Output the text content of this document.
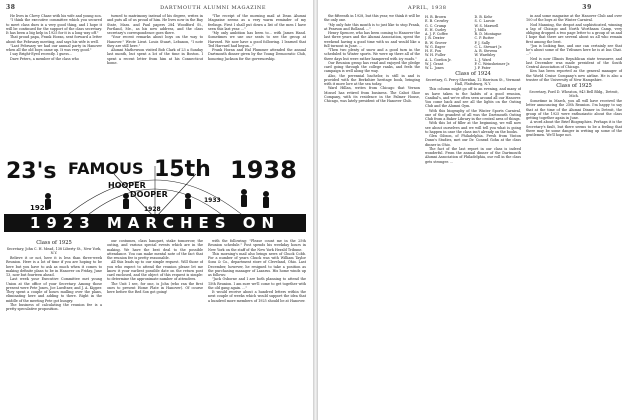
38	DARTMOUTH ALUMNI MAGAZINE

He lives in Chevy Chase with his wife and young son.

"I think the executive committee which you secured to meet class dues is a very good thing, and I hope it will be continued for the support of the class secretary. It has been a big help in 1925 for it is a long way off."

That proud papa, Frank Horan, sent forward a letter about the February meeting, and says his wife is well.

"Last February we had our annual party in Hanover when all the old boys came up. It was very good."

I say Bright-Eyed recently. I guess...

Dave Peters, a member of the class who

turned to matrimony instead of his degree, writes in and puts all of us proud of him. He lives now in the Bay State, Mass. and Paul papers 284 Woodford St., Portland, Me., as his new address, and the class secretary's correspondence goes there.

"Your recent remarks about boys on the way to Hanover." Wrote Lieut. Louis Stuart, Lebanon, "I note they are still here."

Alumni Mathewson visited Bob Clark of 23 a Sunday last month, but spent a lot of the time in Boston. I spent a recent letter from him at his Connecticut home.

"The receipt of the morning mail at Dean Alumni Magazine seems as a very warm reminder of my feelings. First I shall put down a list of the men I have seen this last year. ..."

"My only ambition has been to... with James Hand. Sometimes we use our seats to see the group at Harvard. We now have a good following. I learned that Ted Harvard had begun..."

Frank Horan and Hal Plummer attended the annual Dartmouth dinner given by the Young Democratic Club, honoring Jackson for the governorship.

23's FAMOUS 15th 1938
HOOPER
DOOPER
1923	1928
1933
1923 MARCHES ON
Class of 1925

Secretary, John C. H. Mead, 138 Liberty St., New York, N.Y.

Believe it or not, here it is less than three-week Reunion. Here is a lot of time if you are hoping to be here but you have to ask as much when it comes to making definite plans to be in Hanover on Friday, June 13, now but fourteen ahead.

Last week your Executive Committee met young Union at the office of your Secretary. Among those present were Pete Jones, Joe Luedtner, and J. A. Kipper. They spent a couple of hours mulling over the plans, eliminating here and adding to there. Right in the middle of the meeting Pete got hungry.

The business of calculating the reunion fee is a pretty speculative proposition.

our costumes, class banquet, stake tomorrow, the outing, and various special events which are in the making. We have the best deal to the possible attendance. You can make mental note of the fact that the reunion fee is pretty reasonable.

All this leads up to our simple request. Will those of you who expect to attend the reunion please let me know it your earliest possible date on the return post card enclosed, and the object of this request is simple: to determine the approximate number of attendees.

The Unit I see, for one, is John (who ran the first ones to present Home Plate in Hanover). Of course here before the Red Sox got going!

with the following: "Please count me in the 25th Reunion schedule." Post spends his weekday hours in New York on the staff of the New York Herald Tribune.

This morning's mail also brings news of Chuck Cobb. For a number of years Chuck was with William Taylor Sons & Co., department store of Cleveland, Ohio. Last December, however, he resigned to take a position as the purchasing manager of Lazarus. His home winds up as follows:

"Jack Osborne and I are both planning to attend the 15th Reunion. I am sure we'll come to get together with the old gang again. ..."

It would receive about a hundred letters within the next couple of weeks which would support the idea that a hundred more members of 1925 should be at Hanover.

APRIL, 1938	39

the fifteenth in 1928, but this year, we think it will be the only one.

"My only fate this month is to just like to stop Frank, at Pearson and Rolland. ..."

Henry Spencer, who has been coming to Hanover the last three years and the Alumni Association, spent the weekend having a good time with us and would like a full turnout in June. ...

"Then two plenty of snow and a good turn in the scheduled to Winter sports. We were up there all of the three days but were rather hampered with icy roads."

Our Reunion group has read and enjoyed the pledge card going through the college ranks, and feels the campaign is well along the way.

Also, the perennial bachelor, is still in and is provided with the Berkshire heritage book, bringing with it more lore at the sea today.

Ward Hillan, writes from Chicago that Vernon Mossel has retired from business. The Cabot Shoe Company, with its residence in the Palmer House, Chicago, was lately president of the Hanover Club.

H. B. Brown
E. B. Crowley
G. C. Crump
E. H. Curley
A. J. F. Coffee
J. R. Dexter
B. W. Grover
W. G. Eager
H. E. Fox
W. H. Fuller
A. L. Gordon Jr.
W. J. Grant
W. L. Jones
D. B. Kehr
S. C. Lavoie
W. S. Maxwell
J. Mills
R. D. Montague
C. P. Rutter
P. J. Sally
C. L. Stewart Jr.
A. B. Stevens
W. Wardsley
L. J. Ward
P. C. Weinsheimer Jr.
J. P. Pater
Class of 1924

Secretary, G. Percy Sheridan, 12 Harrison St., Vermont Hall, Plattsburg, N.Y.

This column might go off to an evening, and many of us have taken to the habits of a good reunion, Canibal's, and we're often seen around all our Hanover. You come back and see all the lights on the Outing Club and the Alumni Gym.

With this biography of the Winter Sports Carnival, one of the grandest of all was the Dartmouth Outing Club from a Baker Library in the central area of things.

With this lot of filler at the beginning, we will now see about ourselves and we will tell you what is going to happen in case the class isn't already on the books.

Glen Gibson, of Philadelphia. Fresh from Vinton Dunn's Studies, met our Dr. Conrad Gohn at the class dinner in Ohio.

The fact of the last report in our class is indeed wonderful. From the annual dinner of the Dartmouth Alumni Association of Philadelphia, our roll in the class gets stronger. ...

in and some magazine at the Hanover Club and over 100 of the boys at the Winter Carnival.

Nod Manning, the despot and sophisticated, winning a lap of Chicago and North Worthsam Camp, very obliging dropped a two page letter to a group of us and I hope that there are several about us all who remain first among the best.

"Jon is looking fine, and one can certainly see that he's about some of the Tribunes here he is at Inn Chat. ..."

Ned is now Illinois Republican state treasurer, and last December was made president of the South Central Association of Chicago.

Ken has been reported as the general manager of the World Cruise Company's new airline. He is also a trustee of the University of New Hampshire.

Class of 1925

Secretary, Ford D. Wheaton, 943 Bell Bldg., Detroit, Mich.

Sometime in March, you all will have received the letter announcing the 25th Reunion. I'm happy to say that at the time of the Alumni Dinner in Detroit, the group of the 1925 were enthusiastic about the class getting together again in June.

A word about the Brief Biographies. Perhaps it is the Secretary's fault, but there seems to be a feeling that there may be some danger in writing up some of the gentlemen. We'll hope not.
